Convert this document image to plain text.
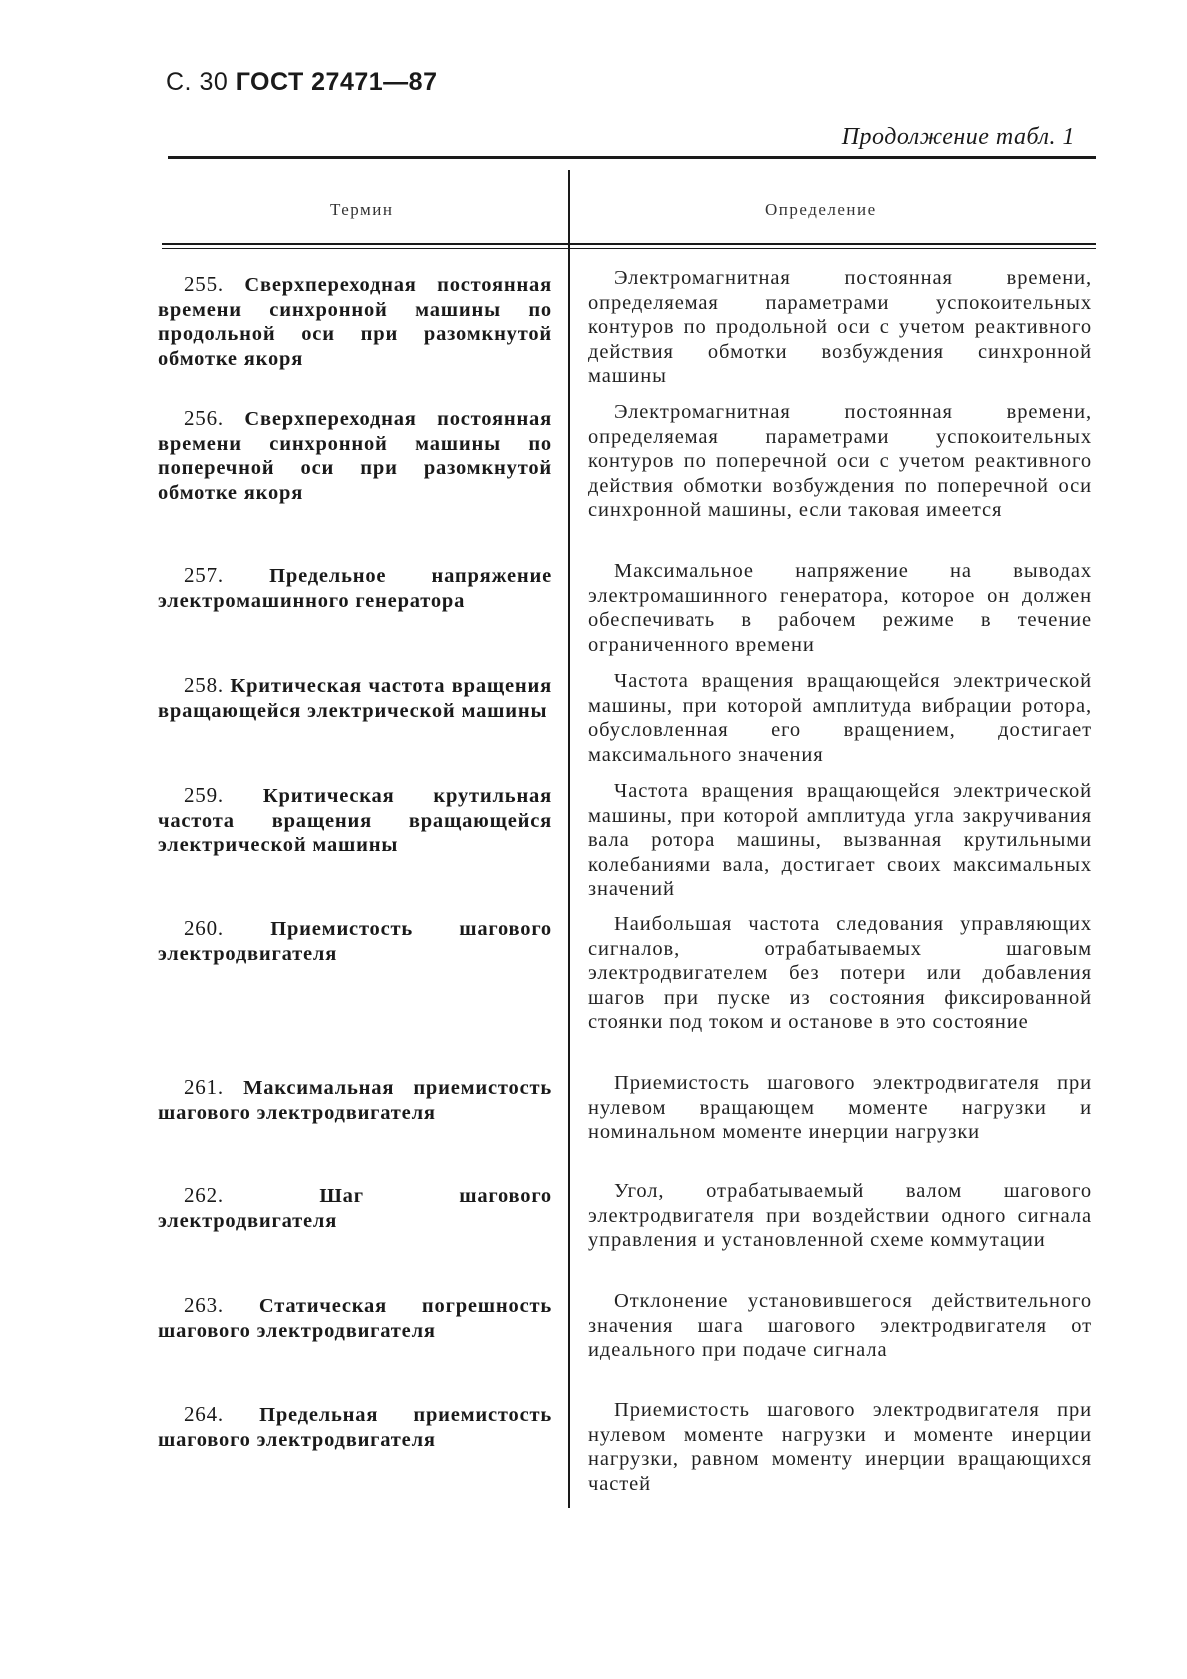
С. 30 ГОСТ 27471—87
Продолжение табл. 1
Термин	Определение
255. Сверхпереходная постоянная времени синхронной машины по продольной оси при разомкнутой обмотке якоря
Электромагнитная постоянная времени, определяемая параметрами успокоительных контуров по продольной оси с учетом реактивного действия обмотки возбуждения синхронной машины
256. Сверхпереходная постоянная времени синхронной машины по поперечной оси при разомкнутой обмотке якоря
Электромагнитная постоянная времени, определяемая параметрами успокоительных контуров по поперечной оси с учетом реактивного действия обмотки возбуждения по поперечной оси синхронной машины, если таковая имеется
257. Предельное напряжение электромашинного генератора
Максимальное напряжение на выводах электромашинного генератора, которое он должен обеспечивать в рабочем режиме в течение ограниченного времени
258. Критическая частота вращения вращающейся электрической машины
Частота вращения вращающейся электрической машины, при которой амплитуда вибрации ротора, обусловленная его вращением, достигает максимального значения
259. Критическая крутильная частота вращения вращающейся электрической машины
Частота вращения вращающейся электрической машины, при которой амплитуда угла закручивания вала ротора машины, вызванная крутильными колебаниями вала, достигает своих максимальных значений
260. Приемистость шагового электродвигателя
Наибольшая частота следования управляющих сигналов, отрабатываемых шаговым электродвигателем без потери или добавления шагов при пуске из состояния фиксированной стоянки под током и останове в это состояние
261. Максимальная приемистость шагового электродвигателя
Приемистость шагового электродвигателя при нулевом вращающем моменте нагрузки и номинальном моменте инерции нагрузки
262.	Шаг шагового электродвигателя
Угол, отрабатываемый валом шагового электродвигателя при воздействии одного сигнала управления и установленной схеме коммутации
263. Статическая погрешность шагового электродвигателя
Отклонение установившегося действительного значения шага шагового электродвигателя от идеального при подаче сигнала
264. Предельная приемистость шагового электродвигателя
Приемистость шагового электродвигателя при нулевом моменте нагрузки и моменте инерции нагрузки, равном моменту инерции вращающихся частей
